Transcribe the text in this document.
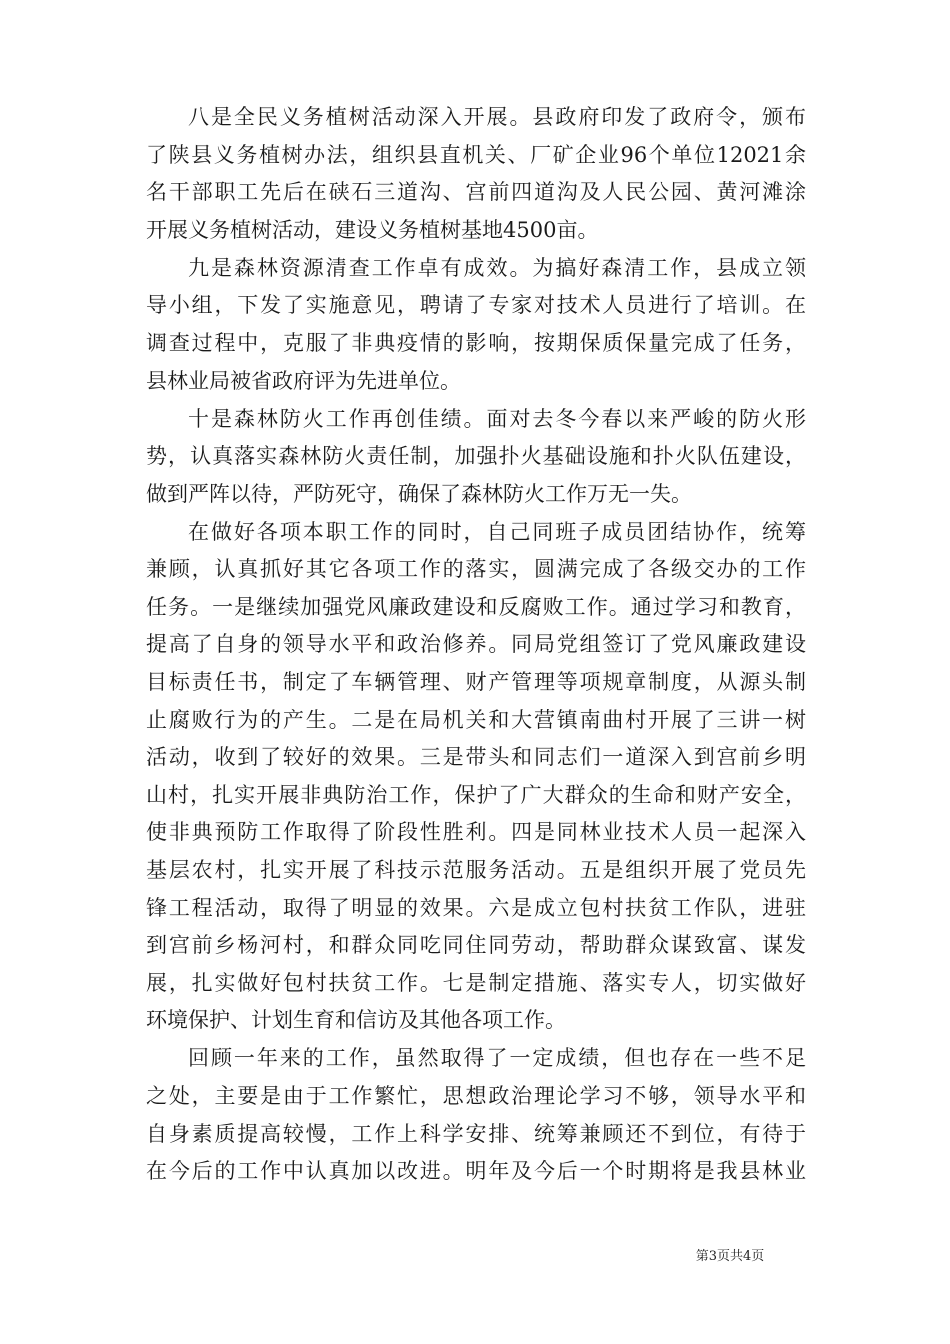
八是全民义务植树活动深入开展。县政府印发了政府令，颁布
了陕县义务植树办法，组织县直机关、厂矿企业96个单位12021余
名干部职工先后在硖石三道沟、宫前四道沟及人民公园、黄河滩涂
开展义务植树活动，建设义务植树基地4500亩。
九是森林资源清查工作卓有成效。为搞好森清工作，县成立领
导小组，下发了实施意见，聘请了专家对技术人员进行了培训。在
调查过程中，克服了非典疫情的影响，按期保质保量完成了任务，
县林业局被省政府评为先进单位。
十是森林防火工作再创佳绩。面对去冬今春以来严峻的防火形
势，认真落实森林防火责任制，加强扑火基础设施和扑火队伍建设，
做到严阵以待，严防死守，确保了森林防火工作万无一失。
在做好各项本职工作的同时，自己同班子成员团结协作，统筹
兼顾，认真抓好其它各项工作的落实，圆满完成了各级交办的工作
任务。一是继续加强党风廉政建设和反腐败工作。通过学习和教育，
提高了自身的领导水平和政治修养。同局党组签订了党风廉政建设
目标责任书，制定了车辆管理、财产管理等项规章制度，从源头制
止腐败行为的产生。二是在局机关和大营镇南曲村开展了三讲一树
活动，收到了较好的效果。三是带头和同志们一道深入到宫前乡明
山村，扎实开展非典防治工作，保护了广大群众的生命和财产安全，
使非典预防工作取得了阶段性胜利。四是同林业技术人员一起深入
基层农村，扎实开展了科技示范服务活动。五是组织开展了党员先
锋工程活动，取得了明显的效果。六是成立包村扶贫工作队，进驻
到宫前乡杨河村，和群众同吃同住同劳动，帮助群众谋致富、谋发
展，扎实做好包村扶贫工作。七是制定措施、落实专人，切实做好
环境保护、计划生育和信访及其他各项工作。
回顾一年来的工作，虽然取得了一定成绩，但也存在一些不足
之处，主要是由于工作繁忙，思想政治理论学习不够，领导水平和
自身素质提高较慢，工作上科学安排、统筹兼顾还不到位，有待于
在今后的工作中认真加以改进。明年及今后一个时期将是我县林业
第3页共4页
